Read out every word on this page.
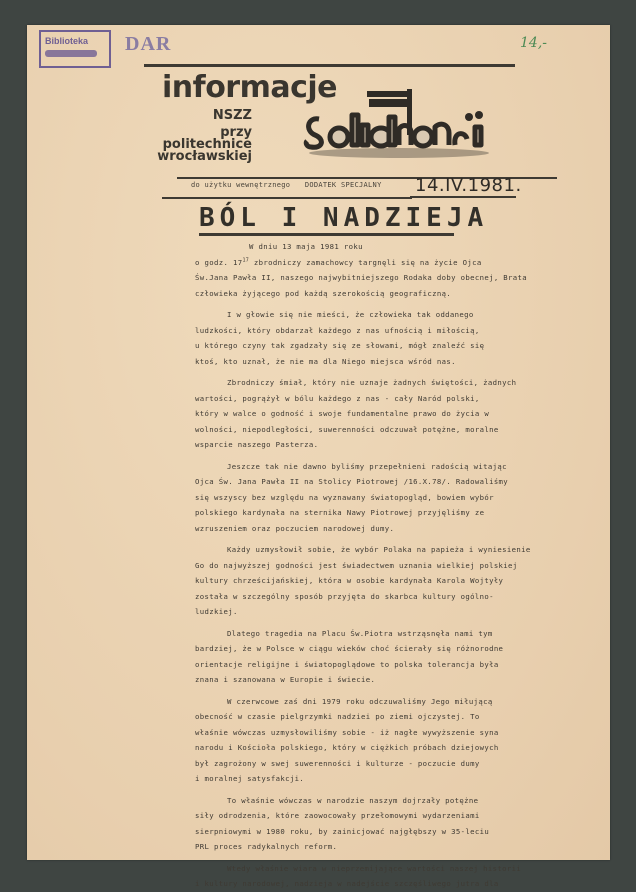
Biblioteka	DAR	14,-
informacje
NSZZ
przy
politechnice
wrocławskiej
do użytku wewnętrznego DODATEK SPECJALNY	14.IV.1981.
BÓL I NADZIEJA

W dniu 13 maja 1981 roku

o godz. $17^{17}$ zbrodniczy zamachowcy targnęli się na życie Ojca

Św.Jana Pawła II, naszego najwybitniejszego Rodaka doby obecnej, Brata

człowieka żyjącego pod każdą szerokością geograficzną.

I w głowie się nie mieści, że człowieka tak oddanego

ludzkości, który obdarzał każdego z nas ufnością i miłością,

u którego czyny tak zgadzały się ze słowami, mógł znaleźć się

ktoś, kto uznał, że nie ma dla Niego miejsca wśród nas.

Zbrodniczy śmiał, który nie uznaje żadnych świętości, żadnych

wartości, pogrążył w bólu każdego z nas - cały Naród polski,

który w walce o godność i swoje fundamentalne prawo do życia w

wolności, niepodległości, suwerenności odczuwał potężne, moralne

wsparcie naszego Pasterza.

Jeszcze tak nie dawno byliśmy przepełnieni radością witając

Ojca Św. Jana Pawła II na Stolicy Piotrowej /16.X.78/. Radowaliśmy

się wszyscy bez względu na wyznawany światopogląd, bowiem wybór

polskiego kardynała na sternika Nawy Piotrowej przyjęliśmy ze

wzruszeniem oraz poczuciem narodowej dumy.

Każdy uzmysłowił sobie, że wybór Polaka na papieża i wyniesienie

Go do najwyższej godności jest świadectwem uznania wielkiej polskiej

kultury chrześcijańskiej, która w osobie kardynała Karola Wojtyły

została w szczególny sposób przyjęta do skarbca kultury ogólno-

ludzkiej.

Dlatego tragedia na Placu Św.Piotra wstrząsnęła nami tym

bardziej, że w Polsce w ciągu wieków choć ścierały się różnorodne

orientacje religijne i światopoglądowe to polska tolerancja była

znana i szanowana w Europie i świecie.

W czerwcowe zaś dni 1979 roku odczuwaliśmy Jego miłującą

obecność w czasie pielgrzymki nadziei po ziemi ojczystej. To

właśnie wówczas uzmysłowiliśmy sobie - iż nagłe wywyższenie syna

narodu i Kościoła polskiego, który w ciężkich próbach dziejowych

był zagrożony w swej suwerenności i kulturze - poczucie dumy

i moralnej satysfakcji.

To właśnie wówczas w narodzie naszym dojrzały potężne

siły odrodzenia, które zaowocowały przełomowymi wydarzeniami

sierpniowymi w 1980 roku, by zainicjować najgłębszy w 35-leciu

PRL proces radykalnych reform.

Wtedy właśnie wiara w nieprzemijające wartości naszej historii

i kultury narodowej, nadzieja w nadejście szczęśliwego jutra dla
